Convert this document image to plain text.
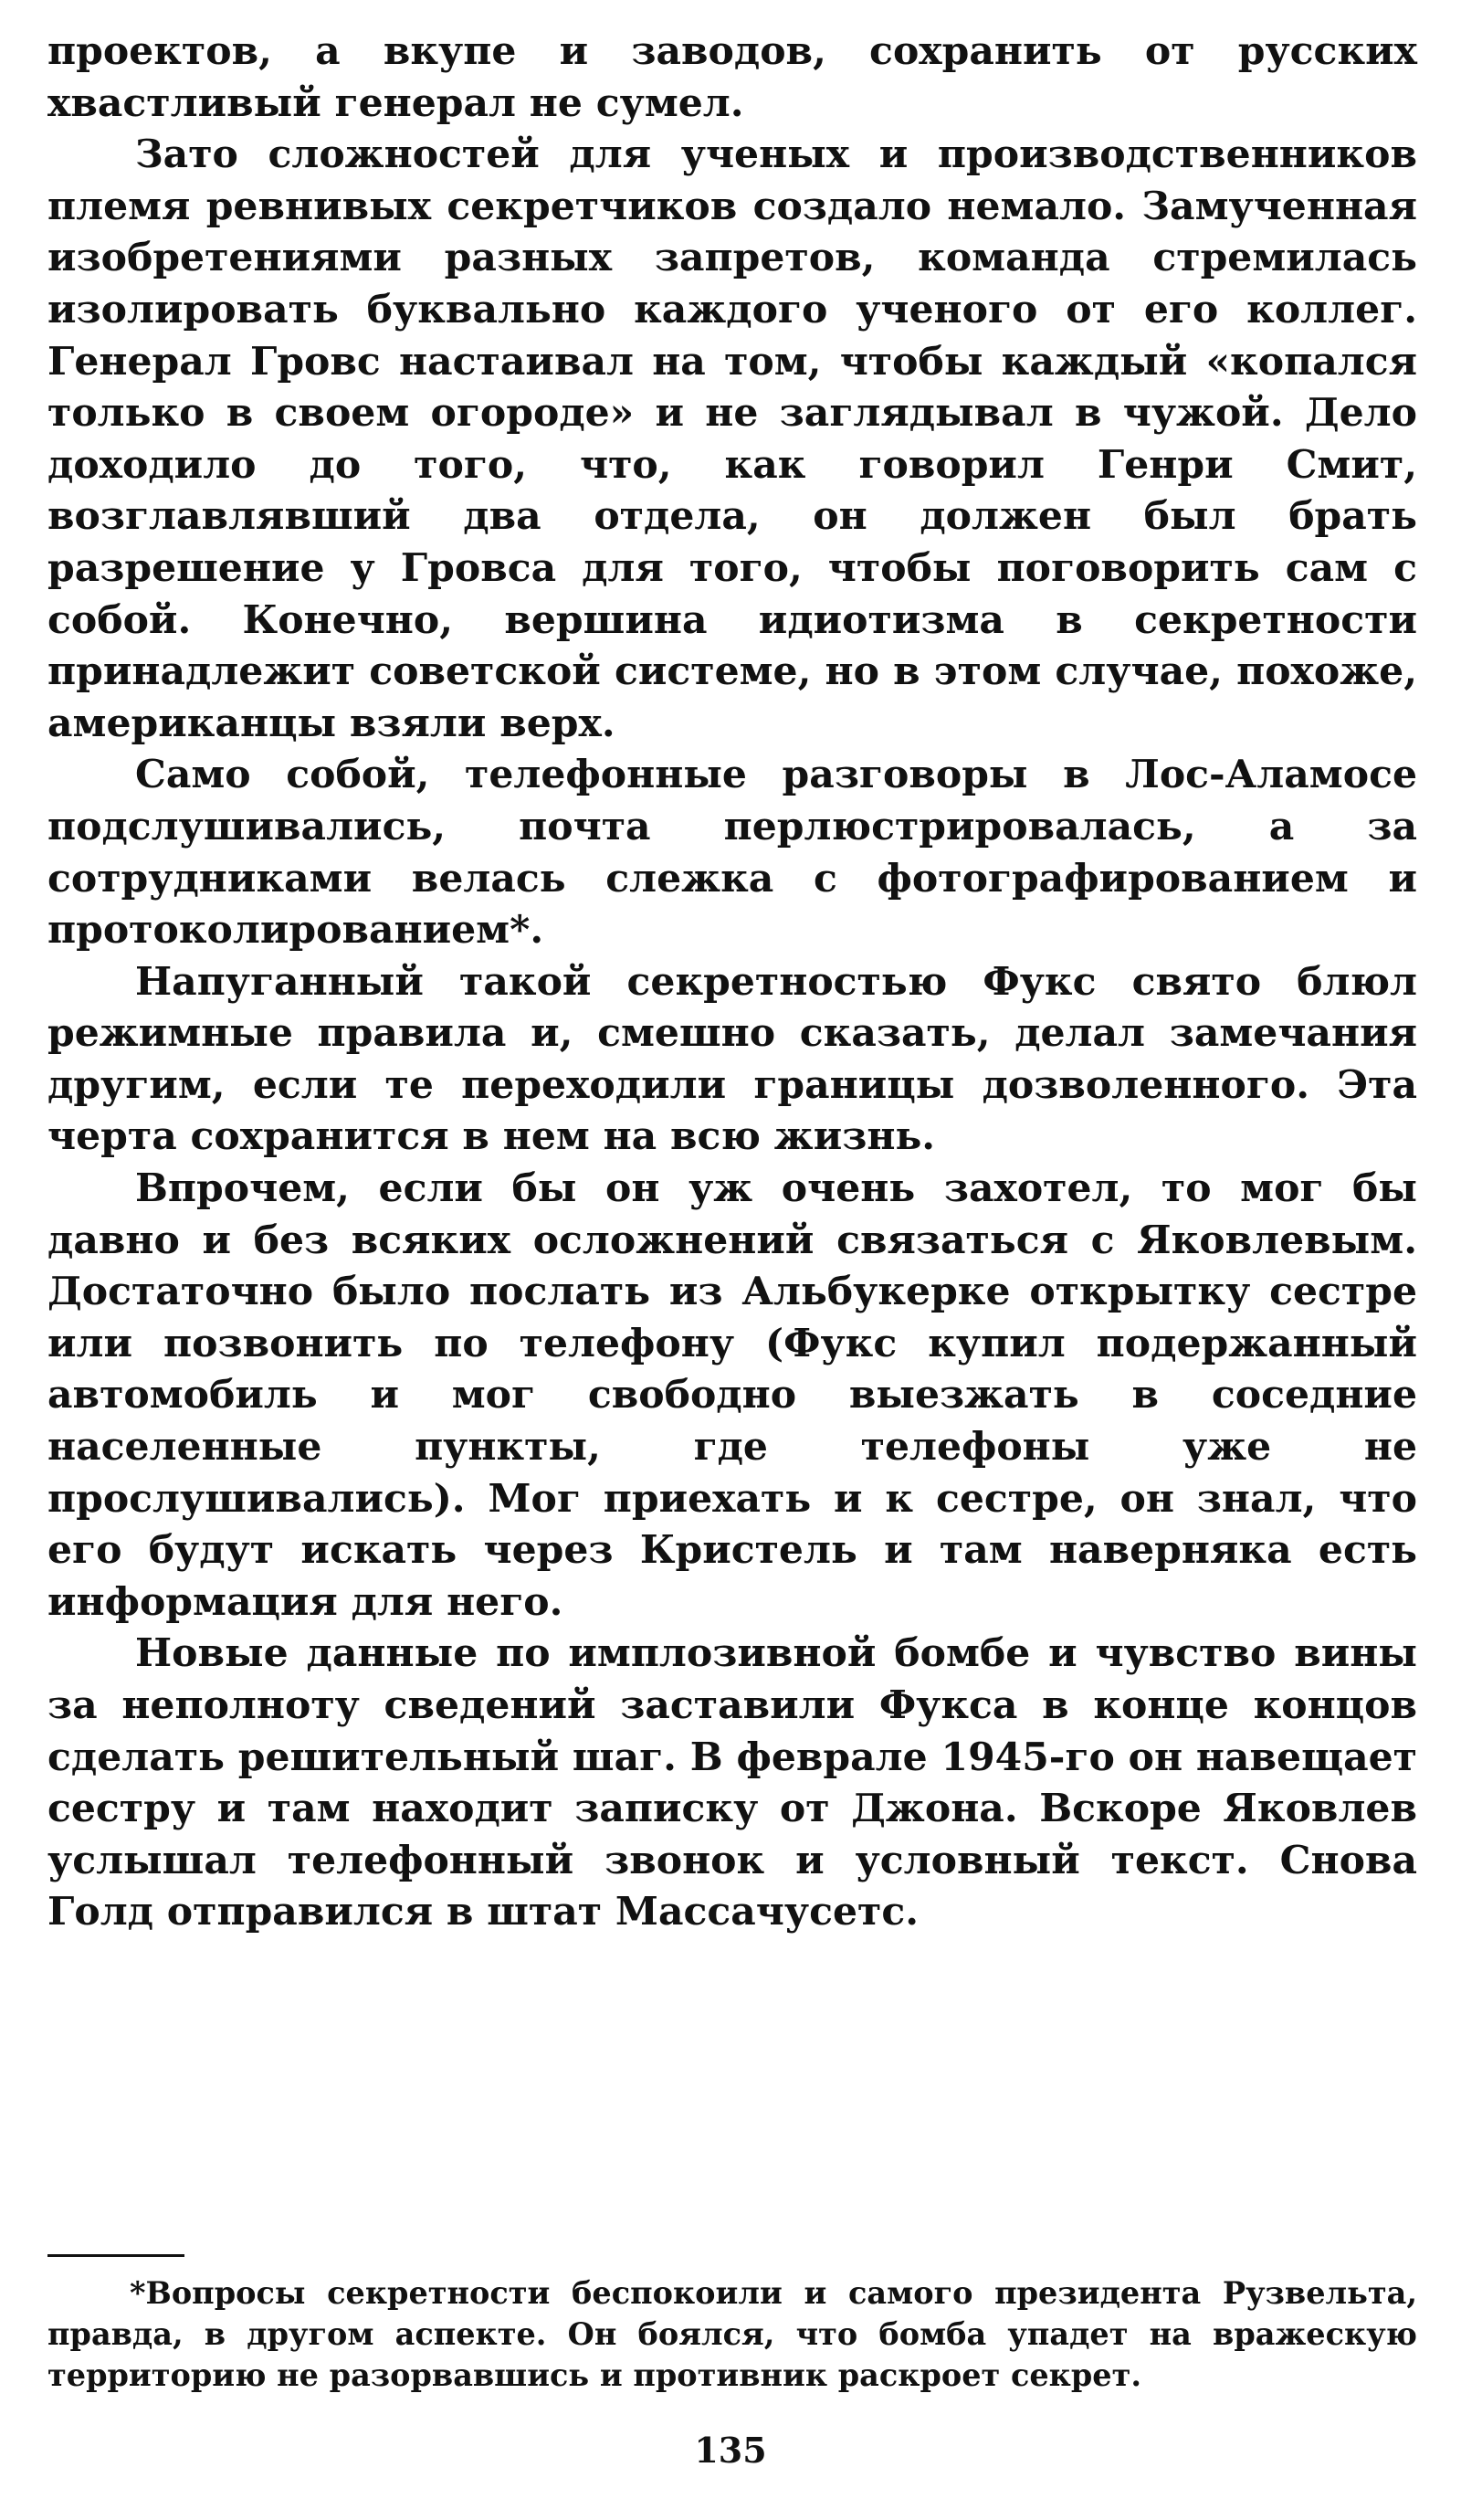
проектов, а вкупе и заводов, сохранить от русских хвастливый генерал не сумел.

Зато сложностей для ученых и производственников племя ревнивых секретчиков создало немало. Замученная изобретениями разных запретов, команда стремилась изолировать буквально каждого ученого от его коллег. Генерал Гровс настаивал на том, чтобы каждый «копался только в своем огороде» и не заглядывал в чужой. Дело доходило до того, что, как говорил Генри Смит, возглавлявший два отдела, он должен был брать разрешение у Гровса для того, чтобы поговорить сам с собой. Конечно, вершина идиотизма в секретности принадлежит советской системе, но в этом случае, похоже, американцы взяли верх.

Само собой, телефонные разговоры в Лос-Аламосе подслушивались, почта перлюстрировалась, а за сотрудниками велась слежка с фотографированием и протоколированием*.

Напуганный такой секретностью Фукс свято блюл режимные правила и, смешно сказать, делал замечания другим, если те переходили границы дозволенного. Эта черта сохранится в нем на всю жизнь.

Впрочем, если бы он уж очень захотел, то мог бы давно и без всяких осложнений связаться с Яковлевым. Достаточно было послать из Альбукерке открытку сестре или позвонить по телефону (Фукс купил подержанный автомобиль и мог свободно выезжать в соседние населенные пункты, где телефоны уже не прослушивались). Мог приехать и к сестре, он знал, что его будут искать через Кристель и там наверняка есть информация для него.

Новые данные по имплозивной бомбе и чувство вины за неполноту сведений заставили Фукса в конце концов сделать решительный шаг. В феврале 1945-го он навещает сестру и там находит записку от Джона. Вскоре Яковлев услышал телефонный звонок и условный текст. Снова Голд отправился в штат Массачусетс.

*Вопросы секретности беспокоили и самого президента Рузвельта, правда, в другом аспекте. Он боялся, что бомба упадет на вражескую территорию не разорвавшись и противник раскроет секрет.

135
